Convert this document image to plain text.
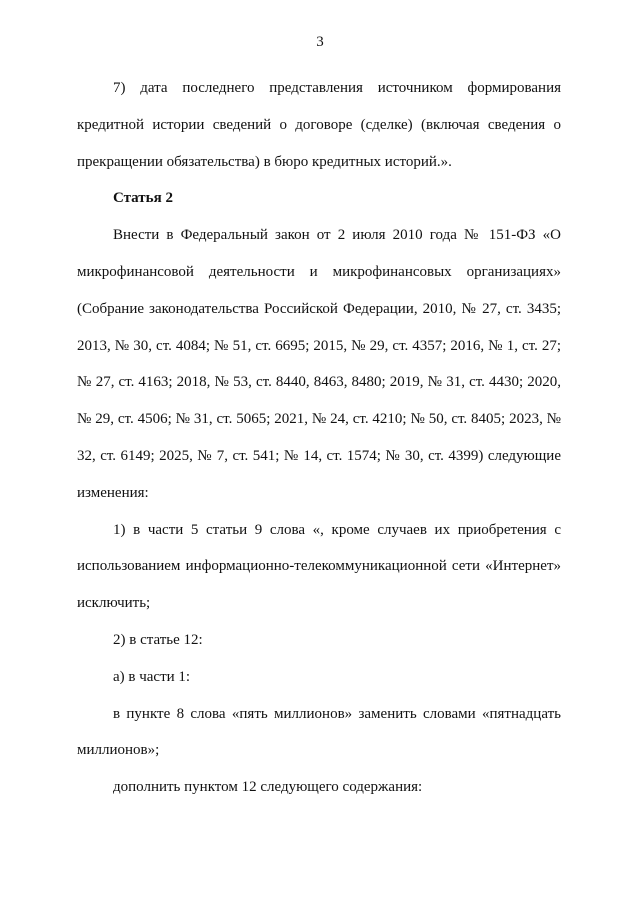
3

7) дата последнего представления источником формирования кредитной истории сведений о договоре (сделке) (включая сведения о прекращении обязательства) в бюро кредитных историй.».

Статья 2

Внести в Федеральный закон от 2 июля 2010 года № 151-ФЗ «О микрофинансовой деятельности и микрофинансовых организациях» (Собрание законодательства Российской Федерации, 2010, № 27, ст. 3435; 2013, № 30, ст. 4084; № 51, ст. 6695; 2015, № 29, ст. 4357; 2016, № 1, ст. 27; № 27, ст. 4163; 2018, № 53, ст. 8440, 8463, 8480; 2019, № 31, ст. 4430; 2020, № 29, ст. 4506; № 31, ст. 5065; 2021, № 24, ст. 4210; № 50, ст. 8405; 2023, № 32, ст. 6149; 2025, № 7, ст. 541; № 14, ст. 1574; № 30, ст. 4399) следующие изменения:

1) в части 5 статьи 9 слова «, кроме случаев их приобретения с использованием информационно-телекоммуникационной сети «Интернет» исключить;

2) в статье 12:

а) в части 1:

в пункте 8 слова «пять миллионов» заменить словами «пятнадцать миллионов»;

дополнить пунктом 12 следующего содержания:
